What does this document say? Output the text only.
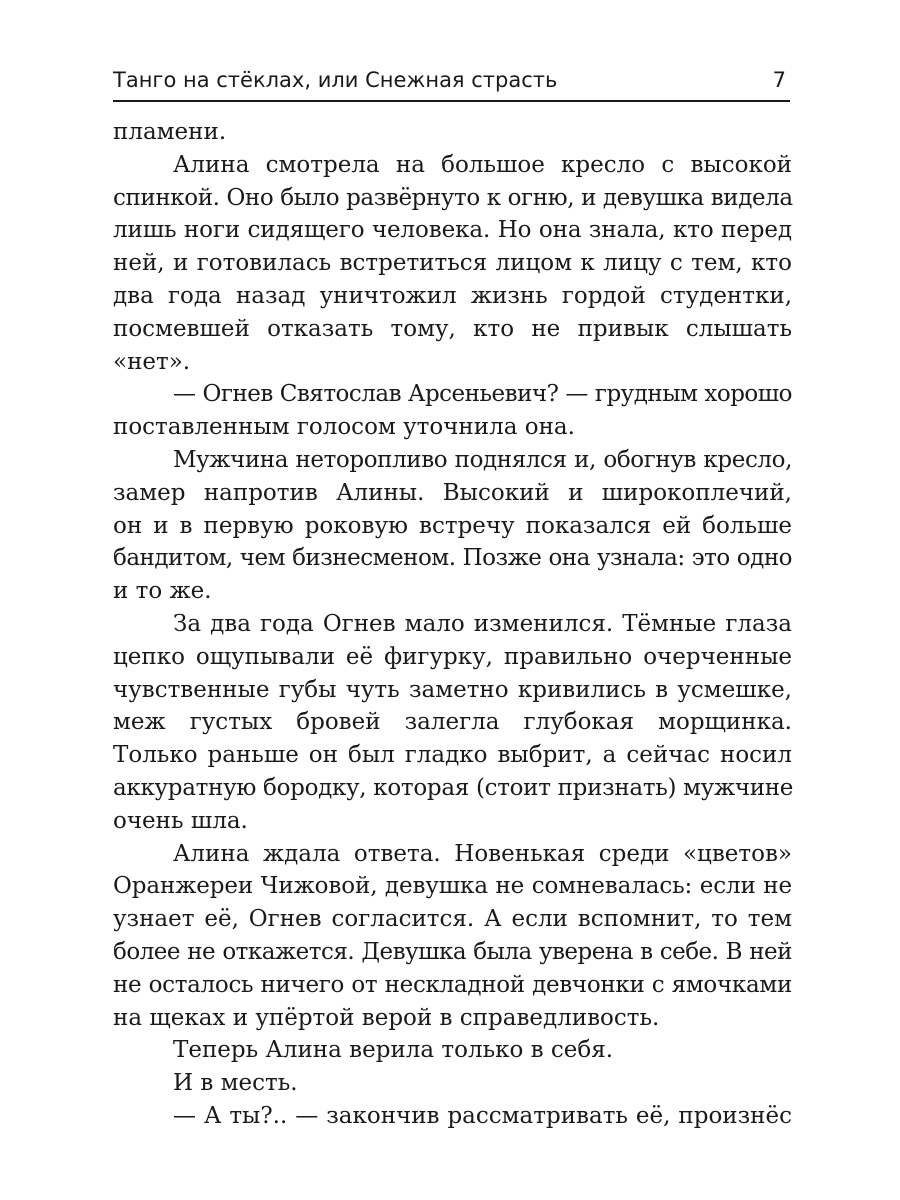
Танго на стёклах, или Снежная страсть	7
пламени.
Алина смотрела на большое кресло с высокой
спинкой. Оно было развёрнуто к огню, и девушка видела
лишь ноги сидящего человека. Но она знала, кто перед
ней, и готовилась встретиться лицом к лицу с тем, кто
два года назад уничтожил жизнь гордой студентки,
посмевшей отказать тому, кто не привык слышать
«нет».
— Огнев Святослав Арсеньевич? — грудным хорошо
поставленным голосом уточнила она.
Мужчина неторопливо поднялся и, обогнув кресло,
замер напротив Алины. Высокий и широкоплечий,
он и в первую роковую встречу показался ей больше
бандитом, чем бизнесменом. Позже она узнала: это одно
и то же.
За два года Огнев мало изменился. Тёмные глаза
цепко ощупывали её фигурку, правильно очерченные
чувственные губы чуть заметно кривились в усмешке,
меж густых бровей залегла глубокая морщинка.
Только раньше он был гладко выбрит, а сейчас носил
аккуратную бородку, которая (стоит признать) мужчине
очень шла.
Алина ждала ответа. Новенькая среди «цветов»
Оранжереи Чижовой, девушка не сомневалась: если не
узнает её, Огнев согласится. А если вспомнит, то тем
более не откажется. Девушка была уверена в себе. В ней
не осталось ничего от нескладной девчонки с ямочками
на щеках и упёртой верой в справедливость.
Теперь Алина верила только в себя.
И в месть.
— А ты?.. — закончив рассматривать её, произнёс
